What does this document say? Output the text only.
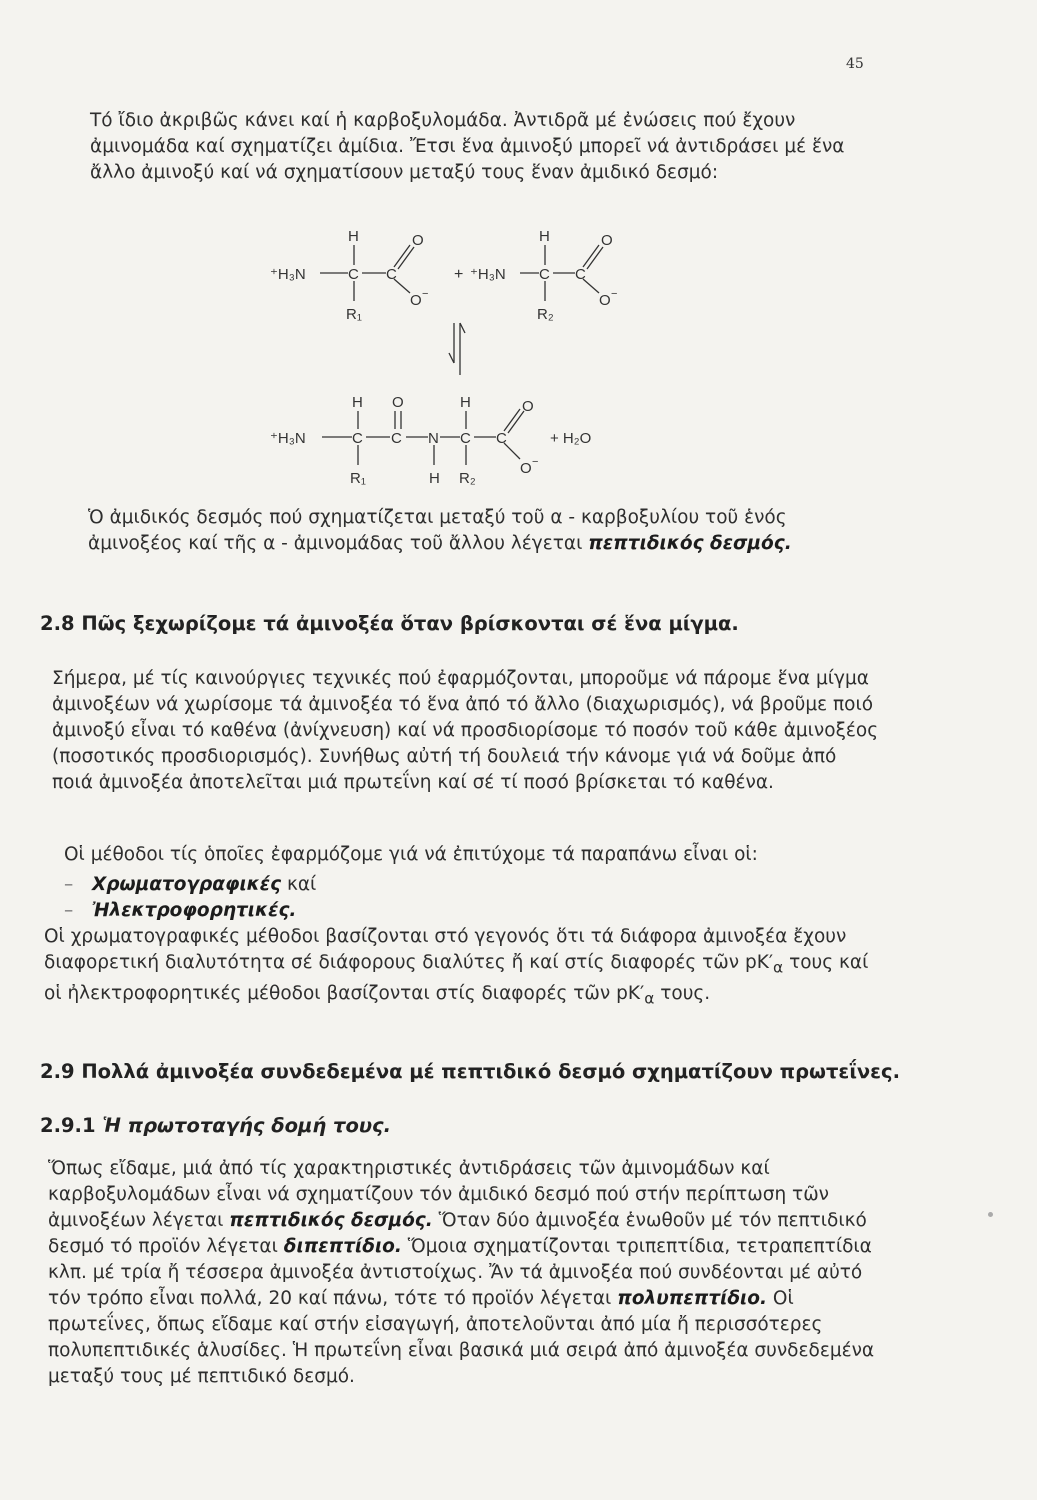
45

Τό ἴδιο ἀκριβῶς κάνει καί ἡ καρβοξυλομάδα. Ἀντιδρᾶ μέ ἐνώσεις πού ἔχουν ἀμινομάδα καί σχηματίζει ἀμίδια. Ἔτσι ἕνα ἀμινοξύ μπορεῖ νά ἀντιδράσει μέ ἕνα ἄλλο ἀμινοξύ καί νά σχηματίσουν μεταξύ τους ἕναν ἀμιδικό δεσμό:

H
⁺H₃N	C C
O
O −
R₁
+
H
⁺H₃N C C
O
O −
R₂
H O	H	O
⁺H₃N	C C N C C
O −
+ H₂O
R₁	H R₂

Ὁ ἀμιδικός δεσμός πού σχηματίζεται μεταξύ τοῦ α - καρβοξυλίου τοῦ ἑνός ἀμινοξέος καί τῆς α - ἀμινομάδας τοῦ ἄλλου λέγεται πεπτιδικός δεσμός.

2.8 Πῶς ξεχωρίζομε τά ἀμινοξέα ὅταν βρίσκονται σέ ἕνα μίγμα.

Σήμερα, μέ τίς καινούργιες τεχνικές πού ἐφαρμόζονται, μποροῦμε νά πάρομε ἕνα μίγμα ἀμινοξέων νά χωρίσομε τά ἀμινοξέα τό ἕνα ἀπό τό ἄλλο (διαχωρισμός), νά βροῦμε ποιό ἀμινοξύ εἶναι τό καθένα (ἀνίχνευση) καί νά προσδιορίσομε τό ποσόν τοῦ κάθε ἀμινοξέος (ποσοτικός προσδιορισμός). Συνήθως αὐτή τή δουλειά τήν κάνομε γιά νά δοῦμε ἀπό ποιά ἀμινοξέα ἀποτελεῖται μιά πρωτεΐνη καί σέ τί ποσό βρίσκεται τό καθένα.

Οἱ μέθοδοι τίς ὁποῖες ἐφαρμόζομε γιά νά ἐπιτύχομε τά παραπάνω εἶναι οἱ:

– Χρωματογραφικές καί
– Ἠλεκτροφορητικές.

Οἱ χρωματογραφικές μέθοδοι βασίζονται στό γεγονός ὅτι τά διάφορα ἀμινοξέα ἔχουν διαφορετική διαλυτότητα σέ διάφορους διαλύτες ἤ καί στίς διαφορές τῶν $pK'_\alpha$ τους καί οἱ ἠλεκτροφορητικές μέθοδοι βασίζονται στίς διαφορές τῶν $pK'_\alpha$ τους.

2.9 Πολλά ἀμινοξέα συνδεδεμένα μέ πεπτιδικό δεσμό σχηματίζουν πρωτεΐνες.
2.9.1 Ἡ πρωτοταγής δομή τους.

Ὅπως εἴδαμε, μιά ἀπό τίς χαρακτηριστικές ἀντιδράσεις τῶν ἀμινομάδων καί καρβοξυλομάδων εἶναι νά σχηματίζουν τόν ἀμιδικό δεσμό πού στήν περίπτωση τῶν ἀμινοξέων λέγεται πεπτιδικός δεσμός. Ὅταν δύο ἀμινοξέα ἑνωθοῦν μέ τόν πεπτιδικό δεσμό τό προϊόν λέγεται διπεπτίδιο. Ὅμοια σχηματίζονται τριπεπτίδια, τετραπεπτίδια κλπ. μέ τρία ἤ τέσσερα ἀμινοξέα ἀντιστοίχως. Ἄν τά ἀμινοξέα πού συνδέονται μέ αὐτό τόν τρόπο εἶναι πολλά, 20 καί πάνω, τότε τό προϊόν λέγεται πολυπεπτίδιο. Οἱ πρωτεΐνες, ὅπως εἴδαμε καί στήν εἰσαγωγή, ἀποτελοῦνται ἀπό μία ἤ περισσότερες πολυπεπτιδικές ἁλυσίδες. Ἡ πρωτεΐνη εἶναι βασικά μιά σειρά ἀπό ἀμινοξέα συνδεδεμένα μεταξύ τους μέ πεπτιδικό δεσμό.
